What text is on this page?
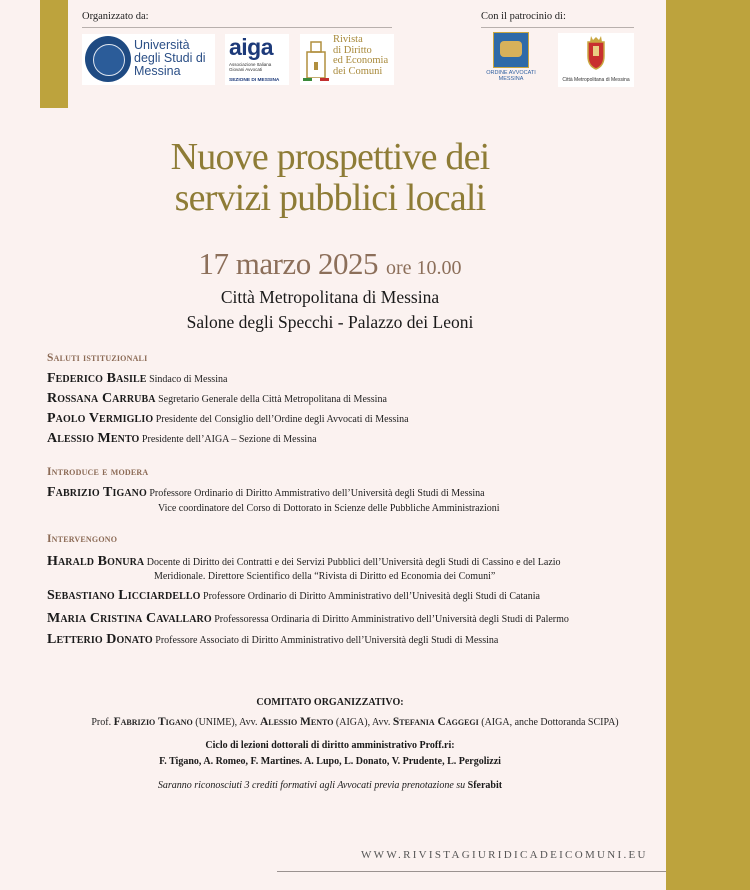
Organizzato da:	Con il patrocinio di:
Università
degli Studi di
Messina
aiga
Associazione Italiana
Giovani Avvocati
SEZIONE DI MESSINA
Rivista
di Diritto
ed Economia
dei Comuni	ORDINE AVVOCATI
MESSINA	Città Metropolitana di Messina
Nuove prospettive dei
servizi pubblici locali
17 marzo 2025 ore 10.00
Città Metropolitana di Messina
Salone degli Specchi - Palazzo dei Leoni
Saluti istituzionali
Federico Basile Sindaco di Messina
Rossana Carruba Segretario Generale della Città Metropolitana di Messina
Paolo Vermiglio Presidente del Consiglio dell’Ordine degli Avvocati di Messina
Alessio Mento Presidente dell’AIGA – Sezione di Messina
Introduce e modera
Fabrizio Tigano Professore Ordinario di Diritto Ammistrativo dell’Università degli Studi di Messina
Vice coordinatore del Corso di Dottorato in Scienze delle Pubbliche Amministrazioni
Intervengono
Harald Bonura Docente di Diritto dei Contratti e dei Servizi Pubblici dell’Università degli Studi di Cassino e del Lazio
Meridionale. Direttore Scientifico della “Rivista di Diritto ed Economia dei Comuni”
Sebastiano Licciardello Professore Ordinario di Diritto Amministrativo dell’Univesità degli Studi di Catania
Maria Cristina Cavallaro Professoressa Ordinaria di Diritto Amministrativo dell’Università degli Studi di Palermo
Letterio Donato Professore Associato di Diritto Amministrativo dell’Università degli Studi di Messina
COMITATO ORGANIZZATIVO:
Prof. Fabrizio Tigano (UNIME), Avv. Alessio Mento (AIGA), Avv. Stefania Caggegi (AIGA, anche Dottoranda SCIPA)
Ciclo di lezioni dottorali di diritto amministrativo Proff.ri:
F. Tigano, A. Romeo, F. Martines. A. Lupo, L. Donato, V. Prudente, L. Pergolizzi
Saranno riconosciuti 3 crediti formativi agli Avvocati previa prenotazione su Sferabit
WWW.RIVISTAGIURIDICADEICOMUNI.EU
